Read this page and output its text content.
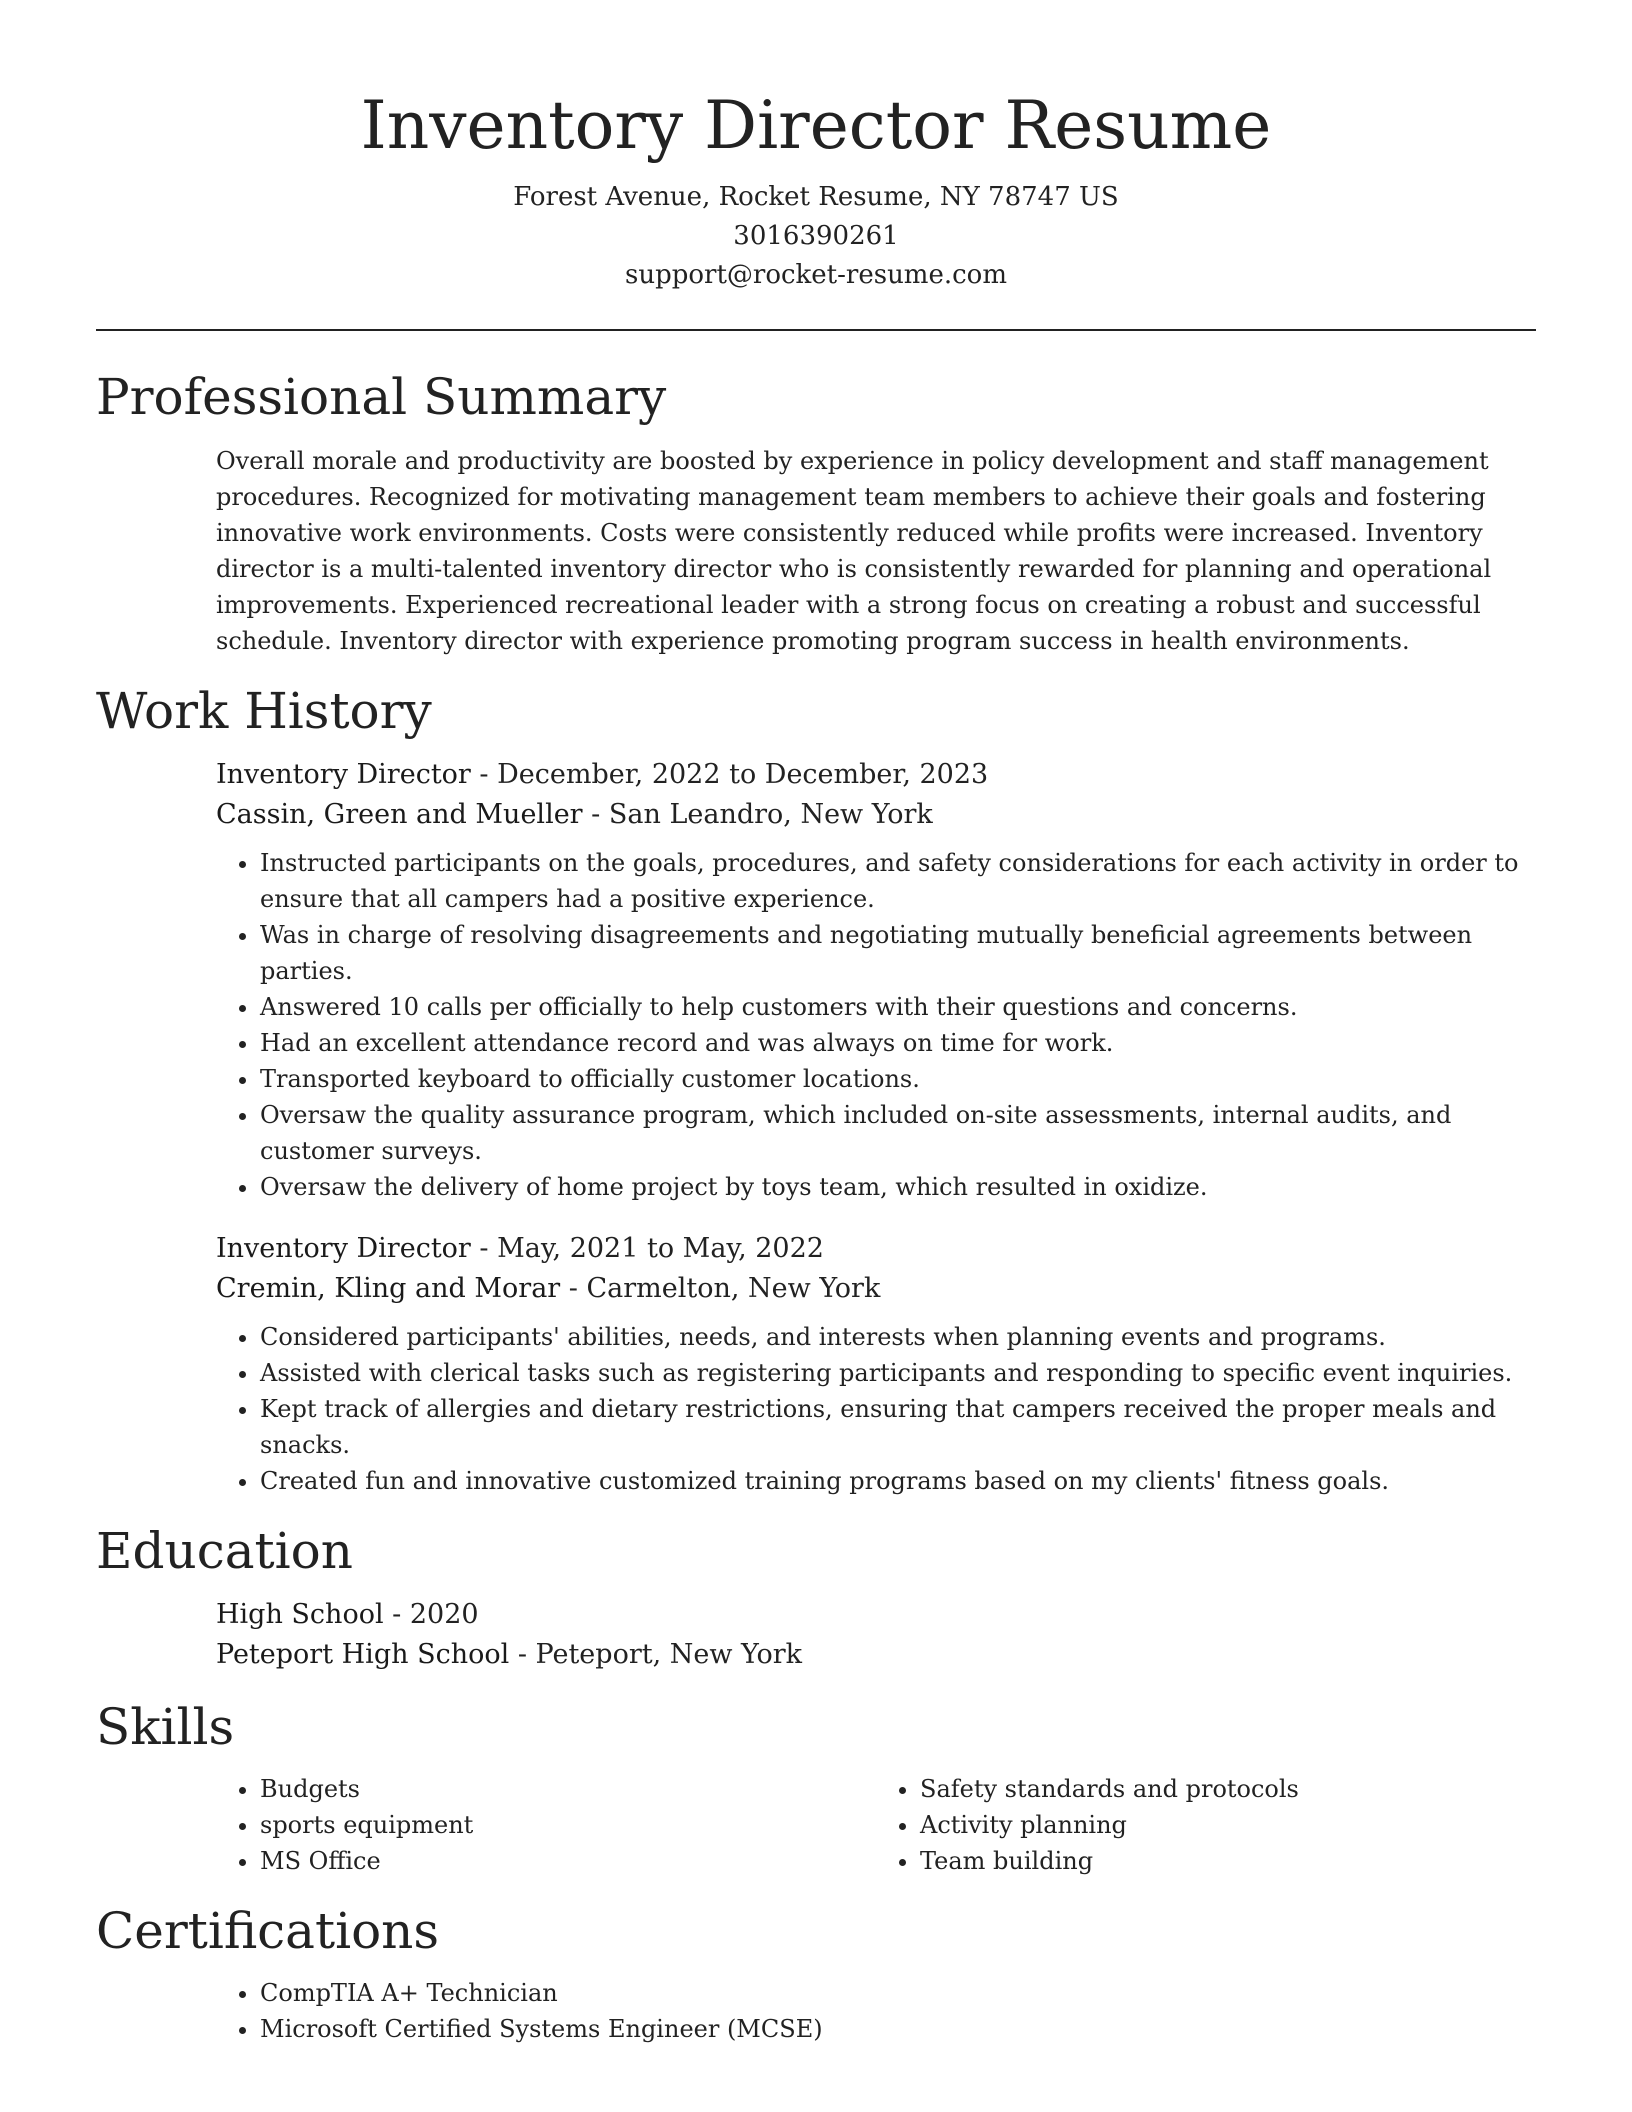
Inventory Director Resume

Forest Avenue, Rocket Resume, NY 78747 US

3016390261

support@rocket-resume.com

Professional Summary

Overall morale and productivity are boosted by experience in policy development and staff management procedures. Recognized for motivating management team members to achieve their goals and fostering innovative work environments. Costs were consistently reduced while profits were increased. Inventory director is a multi-talented inventory director who is consistently rewarded for planning and operational improvements. Experienced recreational leader with a strong focus on creating a robust and successful schedule. Inventory director with experience promoting program success in health environments.

Work History

Inventory Director - December, 2022 to December, 2023

Cassin, Green and Mueller - San Leandro, New York

• Instructed participants on the goals, procedures, and safety considerations for each activity in order to ensure that all campers had a positive experience.
• Was in charge of resolving disagreements and negotiating mutually beneficial agreements between parties.
• Answered 10 calls per officially to help customers with their questions and concerns.
• Had an excellent attendance record and was always on time for work.
• Transported keyboard to officially customer locations.
• Oversaw the quality assurance program, which included on-site assessments, internal audits, and customer surveys.
• Oversaw the delivery of home project by toys team, which resulted in oxidize.

Inventory Director - May, 2021 to May, 2022

Cremin, Kling and Morar - Carmelton, New York

• Considered participants' abilities, needs, and interests when planning events and programs.
• Assisted with clerical tasks such as registering participants and responding to specific event inquiries.
• Kept track of allergies and dietary restrictions, ensuring that campers received the proper meals and snacks.
• Created fun and innovative customized training programs based on my clients' fitness goals.
Education

High School - 2020

Peteport High School - Peteport, New York

Skills
• Budgets
• sports equipment
• MS Office
• Safety standards and protocols
• Activity planning
• Team building
Certifications
• CompTIA A+ Technician
• Microsoft Certified Systems Engineer (MCSE)
